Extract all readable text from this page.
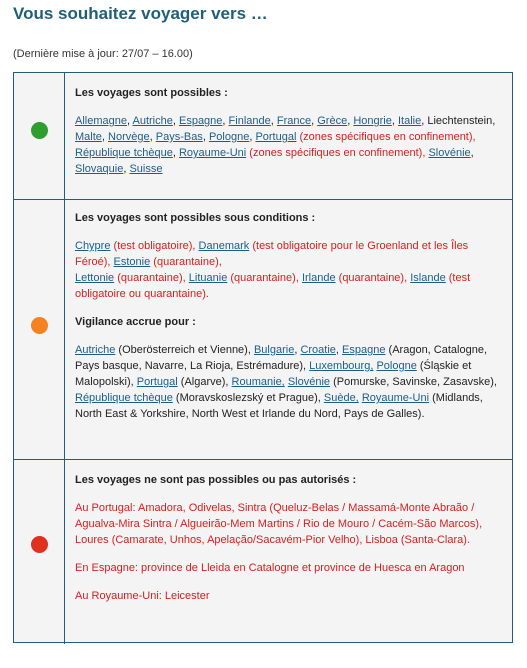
Vous souhaitez voyager vers …
(Dernière mise à jour: 27/07 – 16.00)

Les voyages sont possibles :

Allemagne, Autriche, Espagne, Finlande, France, Grèce, Hongrie, Italie, Liechtenstein, Malte, Norvège, Pays-Bas, Pologne, Portugal (zones spécifiques en confinement), République tchèque, Royaume-Uni (zones spécifiques en confinement), Slovénie, Slovaquie, Suisse

Les voyages sont possibles sous conditions :

Chypre (test obligatoire), Danemark (test obligatoire pour le Groenland et les Îles Féroé), Estonie (quarantaine),
Lettonie (quarantaine), Lituanie (quarantaine), Irlande (quarantaine), Islande (test obligatoire ou quarantaine).

Vigilance accrue pour :

Autriche (Oberösterreich et Vienne), Bulgarie, Croatie, Espagne (Aragon, Catalogne, Pays basque, Navarre, La Rioja, Estrémadure), Luxembourg, Pologne (Śląskie et Malopolski), Portugal (Algarve), Roumanie, Slovénie (Pomurske, Savinske, Zasavske), République tchèque (Moravskoslezský et Prague), Suède, Royaume-Uni (Midlands, North East & Yorkshire, North West et Irlande du Nord, Pays de Galles).

Les voyages ne sont pas possibles ou pas autorisés :

Au Portugal: Amadora, Odivelas, Sintra (Queluz-Belas / Massamá-Monte Abraão / Agualva-Mira Sintra / Algueirão-Mem Martins / Rio de Mouro / Cacém-São Marcos), Loures (Camarate, Unhos, Apelação/Sacavém-Pior Velho), Lisboa (Santa-Clara).

En Espagne: province de Lleida en Catalogne et province de Huesca en Aragon

Au Royaume-Uni: Leicester
